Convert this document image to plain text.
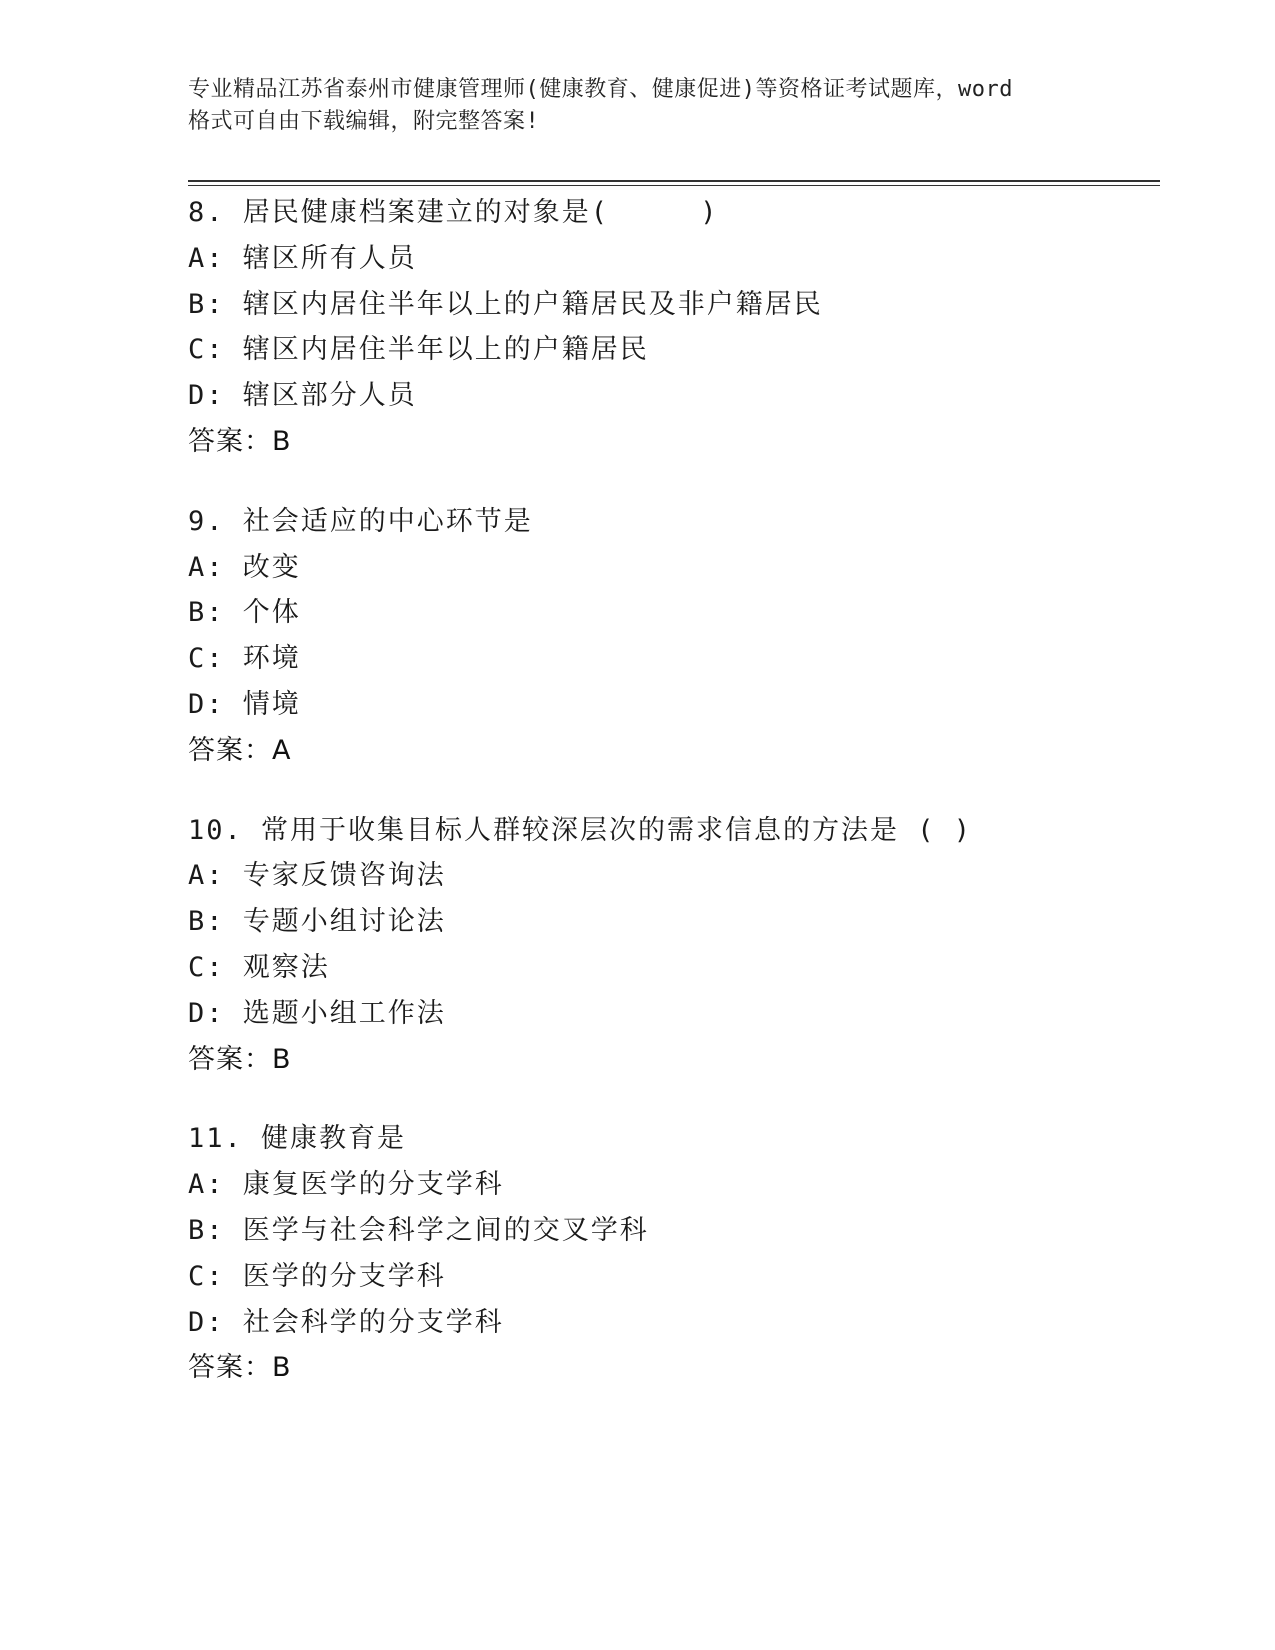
专业精品江苏省泰州市健康管理师(健康教育、健康促进)等资格证考试题库，word
格式可自由下载编辑，附完整答案!
8. 居民健康档案建立的对象是(     )
A: 辖区所有人员
B: 辖区内居住半年以上的户籍居民及非户籍居民
C: 辖区内居住半年以上的户籍居民
D: 辖区部分人员
答案：B
9. 社会适应的中心环节是
A: 改变
B: 个体
C: 环境
D: 情境
答案：A
10. 常用于收集目标人群较深层次的需求信息的方法是 ( )
A: 专家反馈咨询法
B: 专题小组讨论法
C: 观察法
D: 选题小组工作法
答案：B
11. 健康教育是
A: 康复医学的分支学科
B: 医学与社会科学之间的交叉学科
C: 医学的分支学科
D: 社会科学的分支学科
答案：B
